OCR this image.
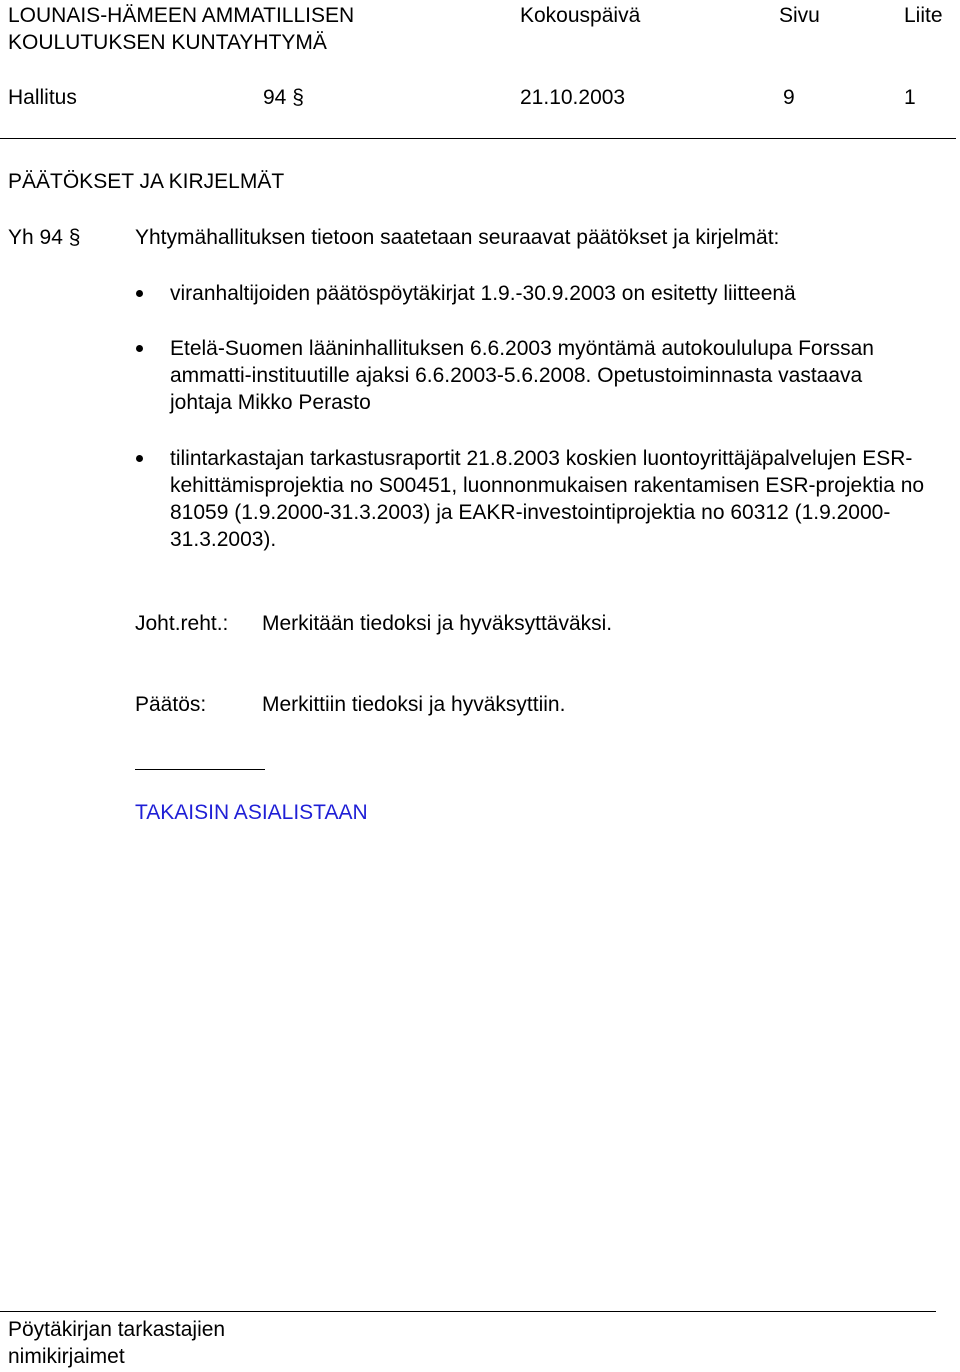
LOUNAIS-HÄMEEN AMMATILLISEN
KOULUTUKSEN KUNTAYHTYMÄ
Kokouspäivä	Sivu	Liite
Hallitus	94 §	21.10.2003	9	1
PÄÄTÖKSET JA KIRJELMÄT
Yh 94 §	Yhtymähallituksen tietoon saatetaan seuraavat päätökset ja kirjelmät:
viranhaltijoiden päätöspöytäkirjat 1.9.-30.9.2003 on esitetty liitteenä
Etelä-Suomen lääninhallituksen 6.6.2003 myöntämä autokoululupa Forssan ammatti-instituutille ajaksi 6.6.2003-5.6.2008. Opetustoiminnasta vastaava johtaja Mikko Perasto
tilintarkastajan tarkastusraportit 21.8.2003 koskien luontoyrittäjäpalvelujen ESR-kehittämisprojektia no S00451, luonnonmukaisen rakentamisen ESR-projektia no 81059 (1.9.2000-31.3.2003) ja EAKR-investointiprojektia no 60312 (1.9.2000- 31.3.2003).
Joht.reht.: Merkitään tiedoksi ja hyväksyttäväksi.
Päätös:	Merkittiin tiedoksi ja hyväksyttiin.
TAKAISIN ASIALISTAAN
Pöytäkirjan tarkastajien
nimikirjaimet
